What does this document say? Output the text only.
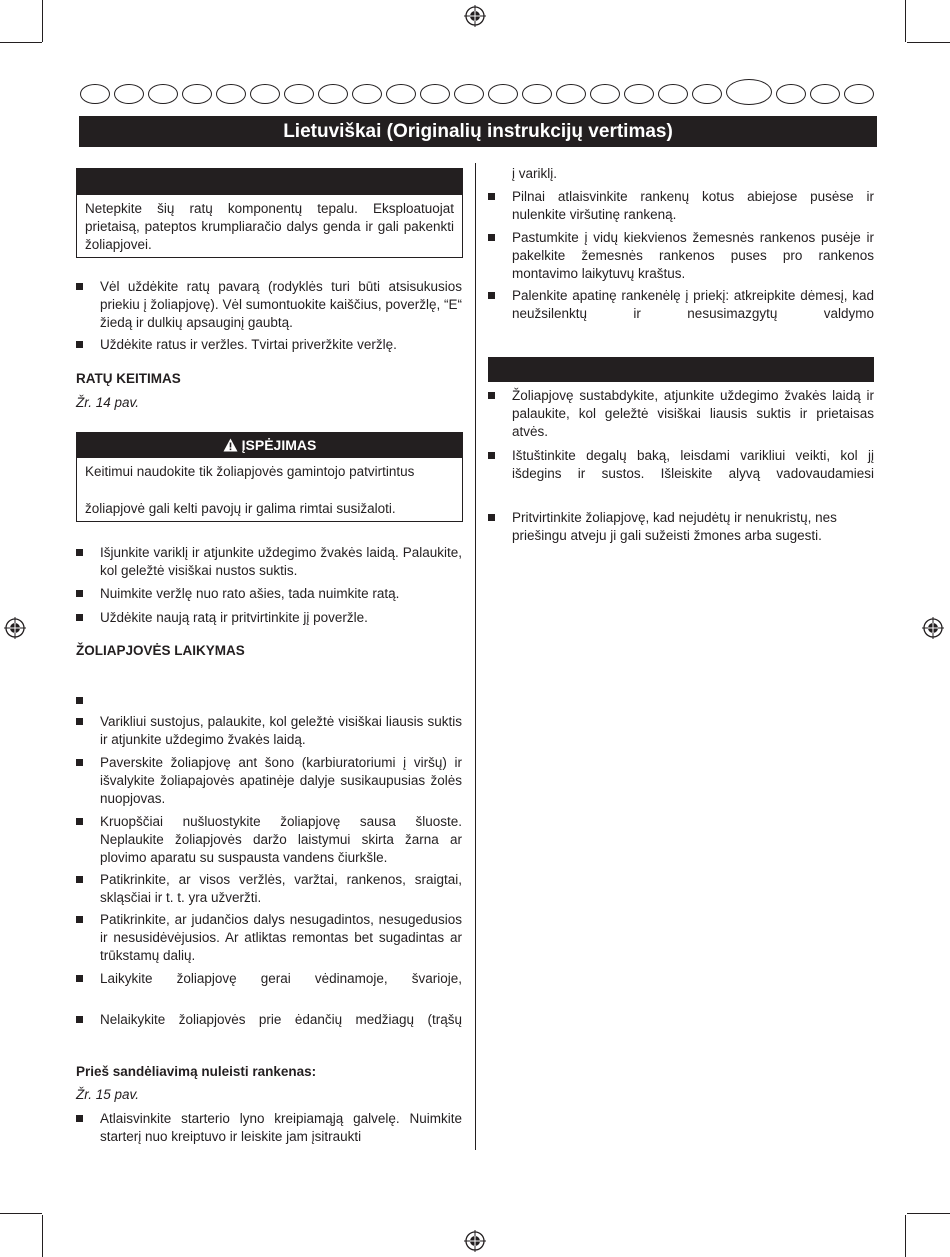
Lietuviškai (Originalių instrukcijų vertimas)
Netepkite šių ratų komponentų tepalu. Eksploatuojat prietaisą, pateptos krumpliaračio dalys genda ir gali pakenkti žoliapjovei.
Vėl uždėkite ratų pavarą (rodyklės turi būti atsisukusios priekiu į žoliapjovę). Vėl sumontuokite kaiščius, poveržlę, “E“ žiedą ir dulkių apsauginį gaubtą.
Uždėkite ratus ir veržles. Tvirtai priveržkite veržlę.
RATŲ KEITIMAS
Žr. 14 pav.
ĮSPĖJIMAS
Keitimui naudokite tik žoliapjovės gamintojo patvirtintus
žoliapjovė gali kelti pavojų ir galima rimtai susižaloti.
Išjunkite variklį ir atjunkite uždegimo žvakės laidą. Palaukite, kol geležtė visiškai nustos suktis.
Nuimkite veržlę nuo rato ašies, tada nuimkite ratą.
Uždėkite naują ratą ir pritvirtinkite jį poveržle.
ŽOLIAPJOVĖS LAIKYMAS
Varikliui sustojus, palaukite, kol geležtė visiškai liausis suktis ir atjunkite uždegimo žvakės laidą.
Paverskite žoliapjovę ant šono (karbiuratoriumi į viršų) ir išvalykite žoliapajovės apatinėje dalyje susikaupusias žolės nuopjovas.
Kruopščiai nušluostykite žoliapjovę sausa šluoste. Neplaukite žoliapjovės daržo laistymui skirta žarna ar plovimo aparatu su suspausta vandens čiurkšle.
Patikrinkite, ar visos veržlės, varžtai, rankenos, sraigtai, skląsčiai ir t. t. yra užveržti.
Patikrinkite, ar judančios dalys nesugadintos, nesugedusios ir nesusidėvėjusios. Ar atliktas remontas bet sugadintas ar trūkstamų dalių.
Laikykite žoliapjovę gerai vėdinamoje, švarioje,
Nelaikykite žoliapjovės prie ėdančių medžiagų (trąšų
Prieš sandėliavimą nuleisti rankenas:
Žr. 15 pav.
Atlaisvinkite starterio lyno kreipiamąją galvelę. Nuimkite starterį nuo kreiptuvo ir leiskite jam įsitraukti
į variklį.
Pilnai atlaisvinkite rankenų kotus abiejose pusėse ir nulenkite viršutinę rankeną.
Pastumkite į vidų kiekvienos žemesnės rankenos pusėje ir pakelkite žemesnės rankenos puses pro rankenos montavimo laikytuvų kraštus.
Palenkite apatinę rankenėlę į priekį: atkreipkite dėmesį, kad neužsilenktų ir nesusimazgytų valdymo
Žoliapjovę sustabdykite, atjunkite uždegimo žvakės laidą ir palaukite, kol geležtė visiškai liausis suktis ir prietaisas atvės.
Ištuštinkite degalų baką, leisdami varikliui veikti, kol jį išdegins ir sustos. Išleiskite alyvą vadovaudamiesi
Pritvirtinkite žoliapjovę, kad nejudėtų ir nenukristų, nes priešingu atveju ji gali sužeisti žmones arba sugesti.
